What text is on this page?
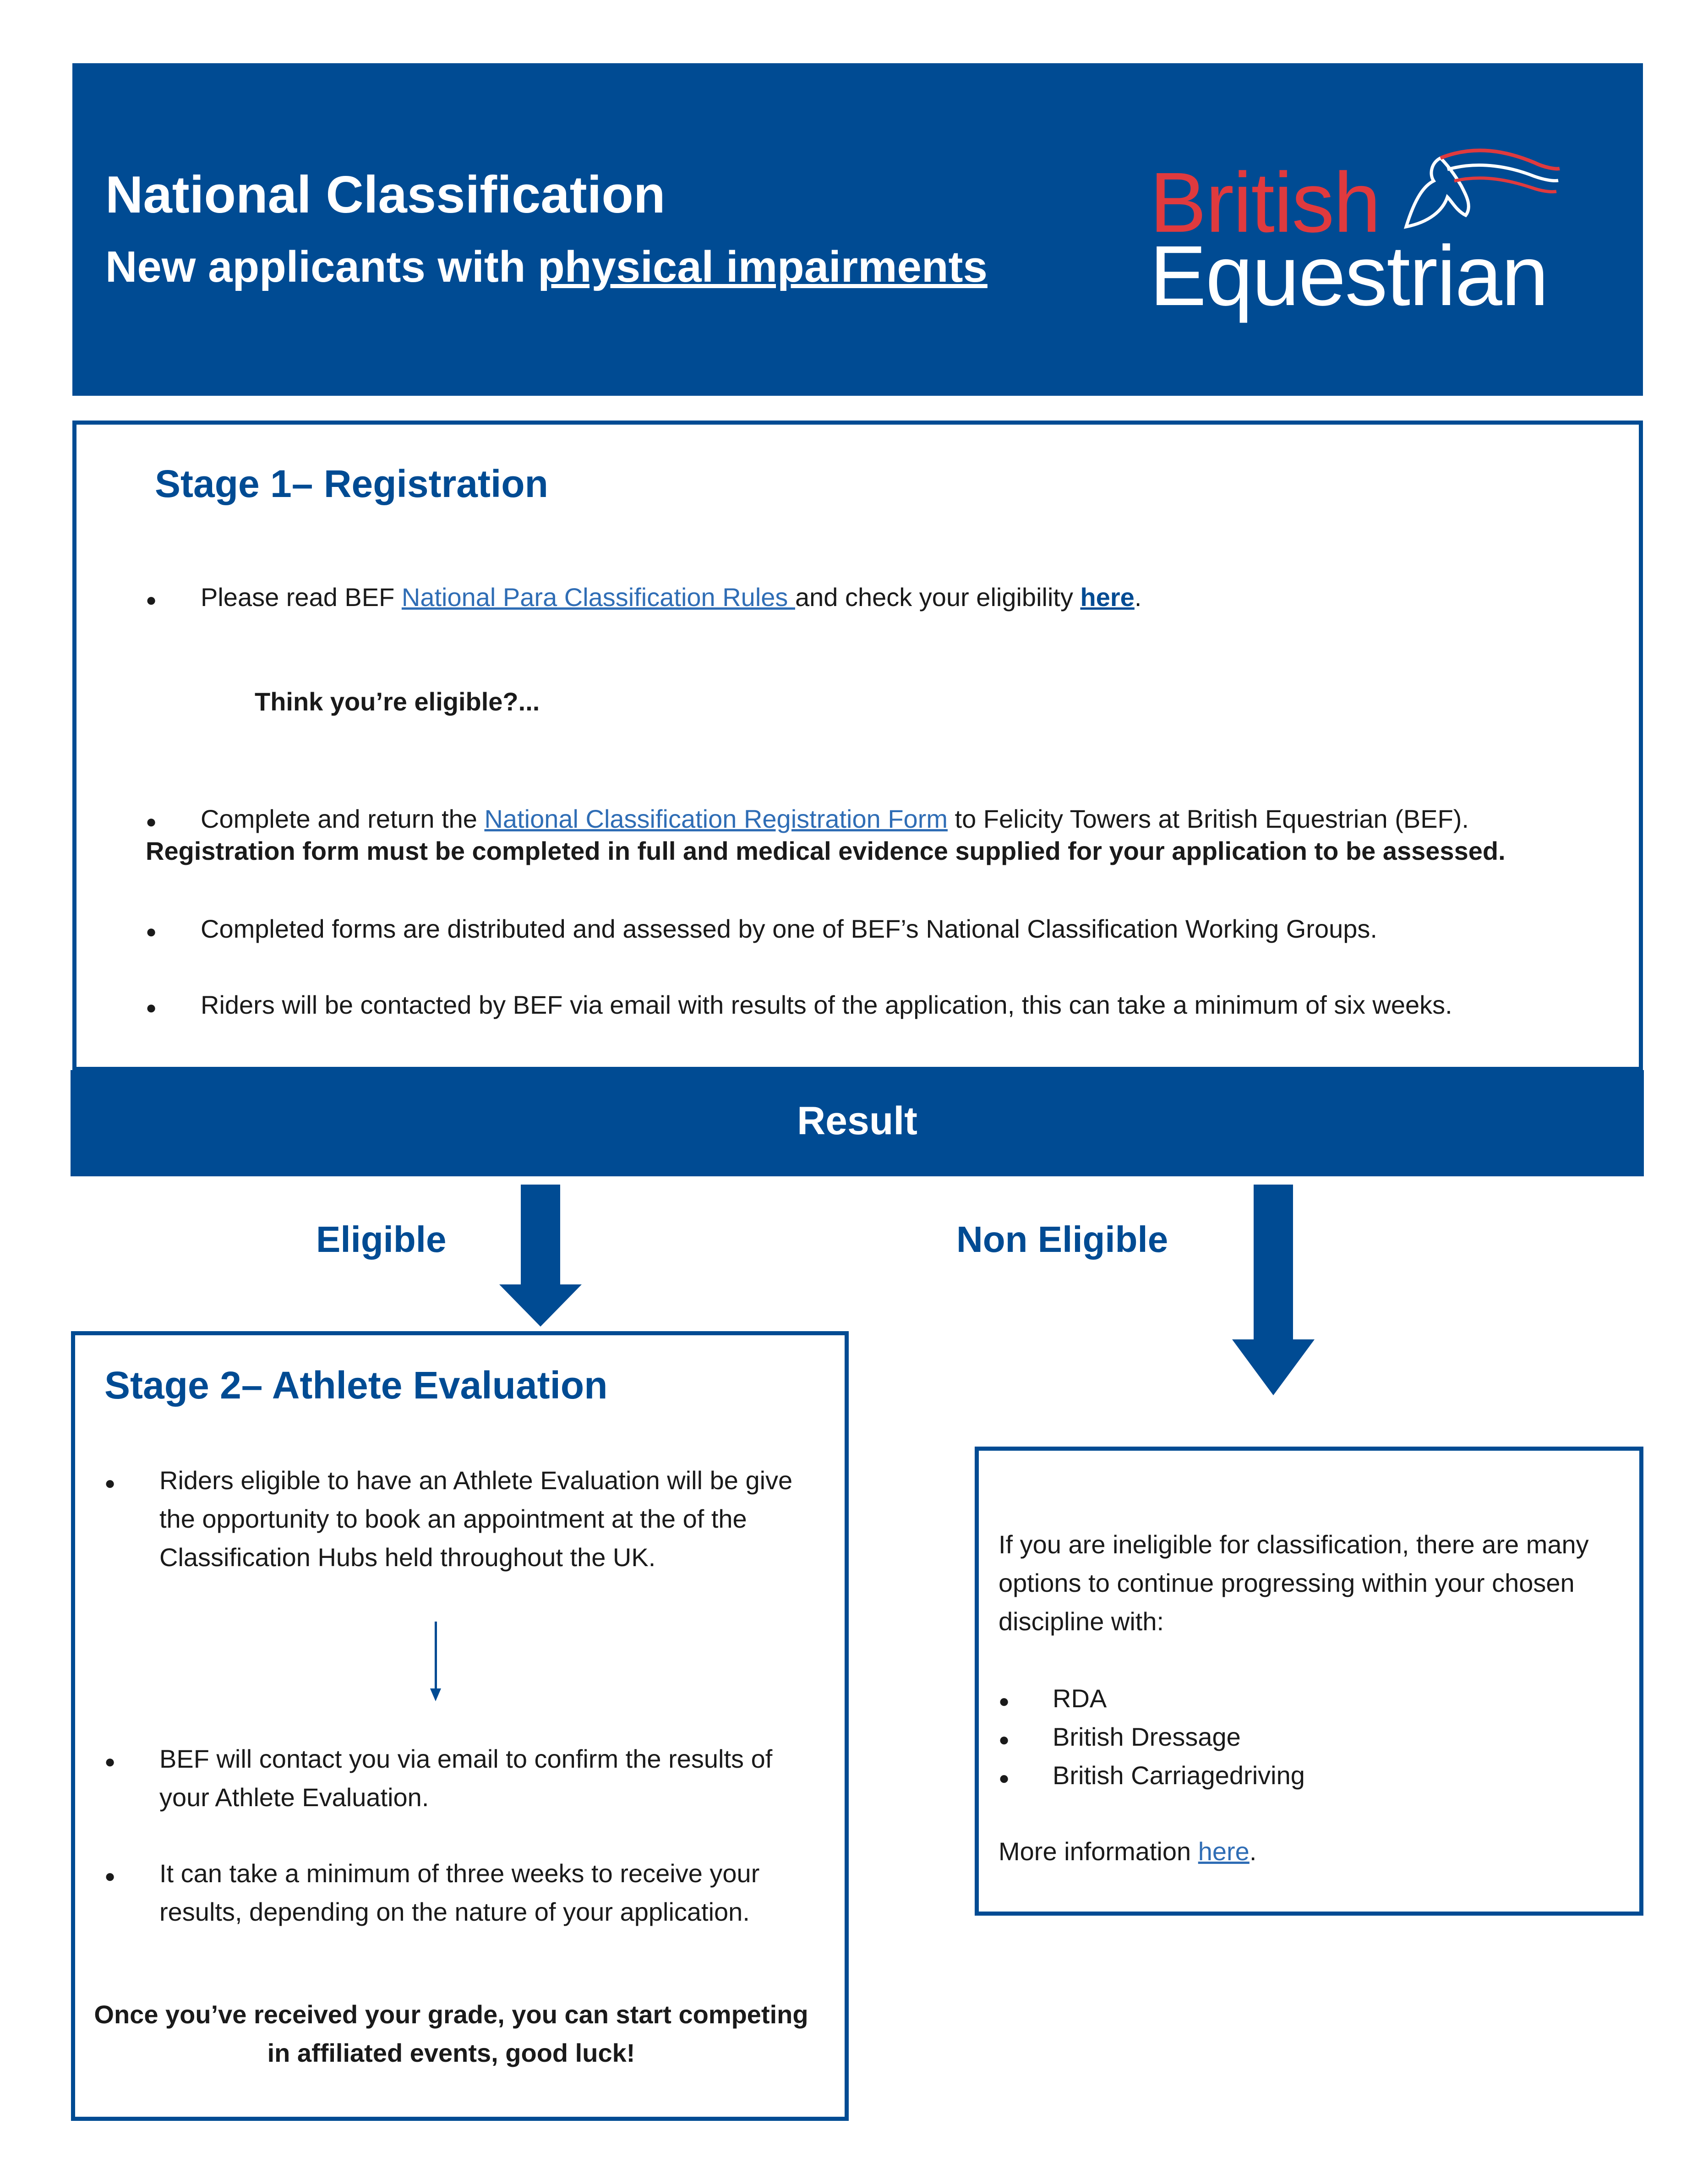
National Classification
New applicants with physical impairments
British
Equestrian
Stage 1– Registration
● Please read BEF National Para Classification Rules and check your eligibility here.
Think you’re eligible?...
● Complete and return the National Classification Registration Form to Felicity Towers at British Equestrian (BEF).
Registration form must be completed in full and medical evidence supplied for your application to be assessed.
● Completed forms are distributed and assessed by one of BEF’s National Classification Working Groups.
● Riders will be contacted by BEF via email with results of the application, this can take a minimum of six weeks.
Result
Eligible	Non Eligible
Stage 2– Athlete Evaluation
● Riders eligible to have an Athlete Evaluation will be give the opportunity to book an appointment at the of the Classification Hubs held throughout the UK.
● BEF will contact you via email to confirm the results of your Athlete Evaluation.
● It can take a minimum of three weeks to receive your results, depending on the nature of your application.
Once you’ve received your grade, you can start competing in affiliated events, good luck!
If you are ineligible for classification, there are many options to continue progressing within your chosen discipline with:
● RDA
● British Dressage
● British Carriagedriving
More information here.
